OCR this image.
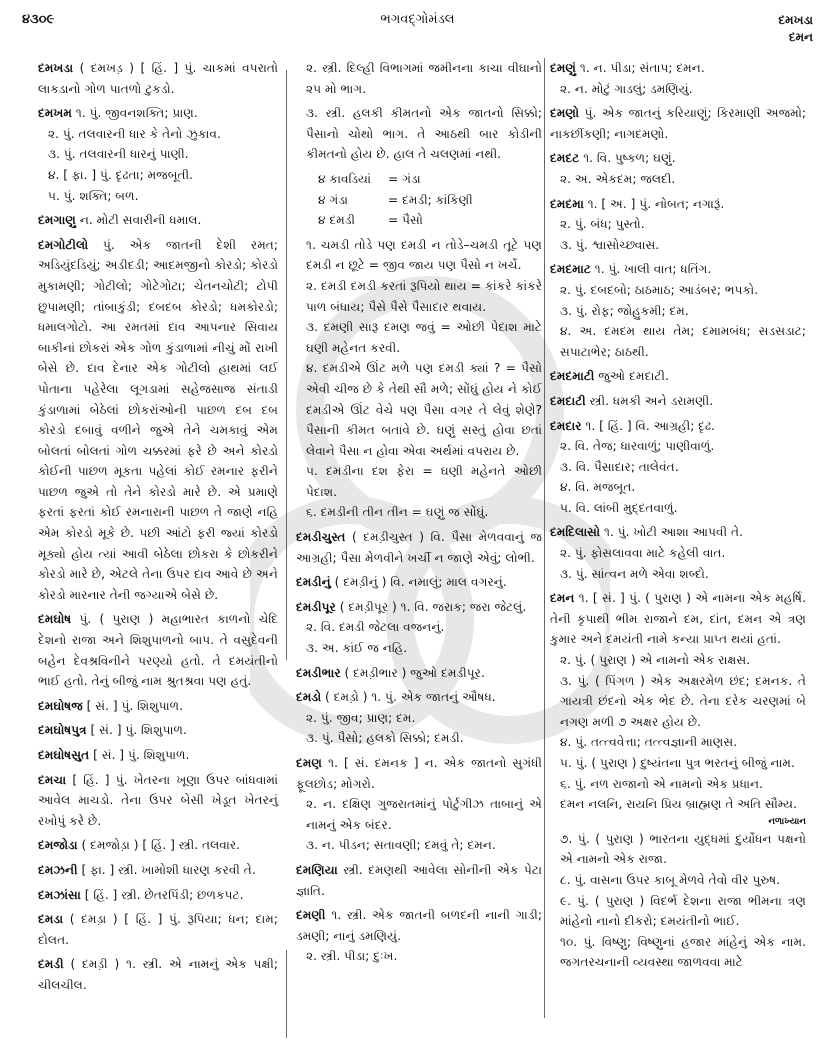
૪૩૦૯	ભગવદ્ગોમંડલ	દમખડા
દમન
દમખડા ( દમખડ઼ ) [ હિં. ] પું. ચાકમાં વપરાતો લાકડાનો ગોળ પાતળો ટુકડો.
દમખમ ૧. પું. જીવનશક્તિ; પ્રાણ.
૨. પું. તલવારની ધાર કે તેનો ઝુકાવ.
૩. પું. તલવારની ધારનું પાણી.
૪. [ ફા. ] પું. દૃઢતા; મજબૂતી.
૫. પું. શક્તિ; બળ.
દમગાણુ ન. મોટી સવારીની ધમાલ.
દમગોટીલો પું. એક જાતની દેશી રમત; અડિયુંદડિયું; અડીદડી; આદમજીનો કોરડો; કોરડો મુકામણી; ગોટીલો; ગોટેગોટા; ચેતનચોટી; ટોપી છુપામણી; તાંબાકુંડી; દબદબ કોરડો; ધમકોરડો; ધમાલગોટો. આ રમતમાં દાવ આપનાર સિવાય બાકીનાં છોકરાં એક ગોળ કુંડાળામાં નીચું મોં રાખી બેસે છે. દાવ દેનાર એક ગોટીલો હાથમાં લઈ પોતાના પહેરેલા લૂગડામાં સહેજસાજ સંતાડી કુંડાળામાં બેઠેલાં છોકરાંઓની પાછળ દબ દબ કોરડો દબાવું વળીને જુએ તેને ચમકાવું એમ બોલતાં બોલતાં ગોળ ચક્કરમાં ફરે છે અને કોરડો કોઈની પાછળ મૂકતા પહેલાં કોઈ રમનાર ફરીને પાછળ જુએ તો તેને કોરડો મારે છે. એ પ્રમાણે ફરતાં ફરતાં કોઈ રમનારાની પાછળ તે જાણે નહિ એમ કોરડો મૂકે છે. પછી આંટો ફરી જ્યાં કોરડો મૂક્યો હોય ત્યાં આવી બેઠેલા છોકરા કે છોકરીને કોરડો મારે છે, એટલે તેના ઉપર દાવ આવે છે અને કોરડો મારનાર તેની જગ્યાએ બેસે છે.
દમઘોષ પું. ( પુરાણ ) મહાભારત કાળનો ચેદિ દેશનો રાજા અને શિશુપાળનો બાપ. તે વસુદેવની બહેન દેવશ્રવિનીને પરણ્યો હતો. તે દમયંતીનો ભાઈ હતો. તેનું બીજું નામ શ્રુતશ્રવા પણ હતું.
દમઘોષજ [ સં. ] પું. શિશુપાળ.
દમઘોષપુત્ર [ સં. ] પું. શિશુપાળ.
દમઘોષસુત [ સં. ] પું. શિશુપાળ.
દમચા [ હિં. ] પું. ખેતરના ખૂણા ઉપર બાંધવામાં આવેલ માચડો. તેના ઉપર બેસી ખેડૂત ખેતરનું રખોપું કરે છે.
દમજોડા ( દમજોડ઼ા ) [ હિં. ] સ્ત્રી. તલવાર.
દમઝની [ ફા. ] સ્ત્રી. ખામોશી ધારણ કરવી તે.
દમઝાંસા [ હિં. ] સ્ત્રી. છેતરપિંડી; છળકપટ.
દમડા ( દમડ઼ા ) [ હિં. ] પું. રૂપિયા; ધન; દામ; દોલત.
દમડી ( દમડ઼ી ) ૧. સ્ત્રી. એ નામનું એક પક્ષી; ચીલચીલ.
૨. સ્ત્રી. દિલ્હી વિભાગમાં જમીનના કાચા વીઘાનો ૨૫ મો ભાગ.
૩. સ્ત્રી. હલકી કીમતનો એક જાતનો સિક્કો; પૈસાનો ચોથો ભાગ. તે આઠથી બાર કોડીની કીમતનો હોય છે. હાલ તે ચલણમાં નથી.
૪ કાવડિયાં = ગંડા
૪ ગંડા	= દમડી; કાંકિણી
૪ દમડી	= પૈસો
૧. ચમડી તોડે પણ દમડી ન તોડે–ચમડી તૂટે પણ દમડી ન છૂટે = જીવ જાય પણ પૈસો ન ખર્ચે.
૨. દમડી દમડી કરતાં રૂપિયો થાય = કાંકરે કાંકરે પાળ બંધાય; પૈસે પૈસે પૈસાદાર થવાય.
૩. દમણી સારૂ દમણ જવું = ઓછી પેદાશ માટે ઘણી મહેનત કરવી.
૪. દમડીએ ઊંટ મળે પણ દમડી ક્યાં ? = પૈસો એવી ચીજ છે કે તેથી સૌ મળે; સોંઘું હોય ને કોઈ દમડીએ ઊંટ વેચે પણ પૈસા વગર તે લેવું શેણે? પૈસાની કીમત બતાવે છે. ઘણું સસ્તું હોવા છતાં લેવાને પૈસા ન હોવા એવા અર્થમાં વપરાય છે.
૫. દમડીના દશ ફેરા = ઘણી મહેનતે ઓછી પેદાશ.
૬. દમડીની તીન તીન = ઘણું જ સોંઘું.
દમડીચુસ્ત ( દમડ઼ીચુસ્ત ) વિ. પૈસા મેળવવાનું જ આગ્રહી; પૈસા મેળવીને ખર્ચી ન જાણે એવું; લોભી.
દમડીનું ( દમડ઼ીનું ) વિ. નમાલું; માલ વગરનું.
દમડીપૂર ( દમડ઼ીપૂર ) ૧. વિ. જરાક; જરા જેટલું.
૨. વિ. દમડી જેટલા વજનનું.
૩. અ. કાંઈ જ નહિ.
દમડીભાર ( દમડ઼ીભાર ) જુઓ દમડીપૂર.
દમડો ( દમડ઼ો ) ૧. પું. એક જાતનું ઔષધ.
૨. પું. જીવ; પ્રાણ; દમ.
૩. પું. પૈસો; હલકો સિક્કો; દમડી.
દમણ ૧. [ સં. દમનક ] ન. એક જાતનો સુગંધી ફૂલછોડ; મોગરો.
૨. ન. દક્ષિણ ગુજરાતમાંનું પોર્ટુગીઝ તાબાનું એ નામનું એક બંદર.
૩. ન. પીડન; સતાવણી; દમવું તે; દમન.
દમણિયા સ્ત્રી. દમણથી આવેલા સોનીની એક પેટા જ્ઞાતિ.
દમણી ૧. સ્ત્રી. એક જાતની બળદની નાની ગાડી; ડમણી; નાનું ડમણિયું.
૨. સ્ત્રી. પીડા; દુઃખ.
દમણું ૧. ન. પીડા; સંતાપ; દમન.
૨. ન. મોટું ગાડલું; ડમણિયું.
દમણો પું. એક જાતનું કરિયાણું; કિરમાણી અજમો; નાકછીંકણી; નાગદમણો.
દમદટ ૧. વિ. પુષ્કળ; ઘણું.
૨. અ. એકદમ; જલદી.
દમદમા ૧. [ અ. ] પું. નોબત; નગારૂં.
૨. પું. બંધ; પુસ્તો.
૩. પું. શ્વાસોચ્છ્વાસ.
દમદમાટ ૧. પું. ખાલી વાત; ધતિંગ.
૨. પું. દબદબો; ઠાઠમાઠ; આડંબર; ભપકો.
૩. પું. રોફ; જોહુકમી; દમ.
૪. અ. દમદમ થાય તેમ; દમામબંધ; સડસડાટ; સપાટાભેર; ઠાઠથી.
દમદમાટી જુઓ દમદાટી.
દમદાટી સ્ત્રી. ધમકી અને ડરામણી.
દમદાર ૧. [ હિં. ] વિ. આગ્રહી; દૃઢ.
૨. વિ. તેજ; ધારવાળું; પાણીવાળું.
૩. વિ. પૈસાદાર; તાલેવંત.
૪. વિ. મજબૂત.
૫. વિ. લાંબી મુદ્દતવાળું.
દમદિલાસો ૧. પું. ખોટી આશા આપવી તે.
૨. પું. ફોસલાવવા માટે કહેલી વાત.
૩. પું. સાંત્વન મળે એવા શબ્દો.
દમન ૧. [ સં. ] પું. ( પુરાણ ) એ નામના એક મહર્ષિ. તેની કૃપાથી ભીમ રાજાને દમ, દાંત, દમન એ ત્રણ કુમાર અને દમયંતી નામે કન્યા પ્રાપ્ત થયાં હતાં.
૨. પું. ( પુરાણ ) એ નામનો એક રાક્ષસ.
૩. પું. ( પિંગળ ) એક અક્ષરમેળ છંદ; દમનક. તે ગાયત્રી છંદનો એક ભેદ છે. તેના દરેક ચરણમાં બે નગણ મળી ૭ અક્ષર હોય છે.
૪. પું. તત્ત્વવેત્તા; તત્ત્વજ્ઞાની માણસ.
૫. પું. ( પુરાણ ) દુષ્યંતના પુત્ર ભરતનું બીજું નામ.
૬. પું. નળ રાજાનો એ નામનો એક પ્રધાન.
દમન નલનિ, રાયનિ પ્રિય બ્રાહ્મણ તે અતિ સૌમ્ય.
નળાખ્યાન
૭. પું. ( પુરાણ ) ભારતના યુદ્ધમાં દુર્યોધન પક્ષનો એ નામનો એક રાજા.
૮. પું. વાસના ઉપર કાબૂ મેળવે તેવો વીર પુરુષ.
૯. પું. ( પુરાણ ) વિદર્ભ દેશના રાજા ભીમના ત્રણ માંહેનો નાનો દીકરો; દમયંતીનો ભાઈ.
૧૦. પું. વિષ્ણુ; વિષ્ણુનાં હજાર માંહેનું એક નામ. જગતરચનાની વ્યવસ્થા જાળવવા માટે
